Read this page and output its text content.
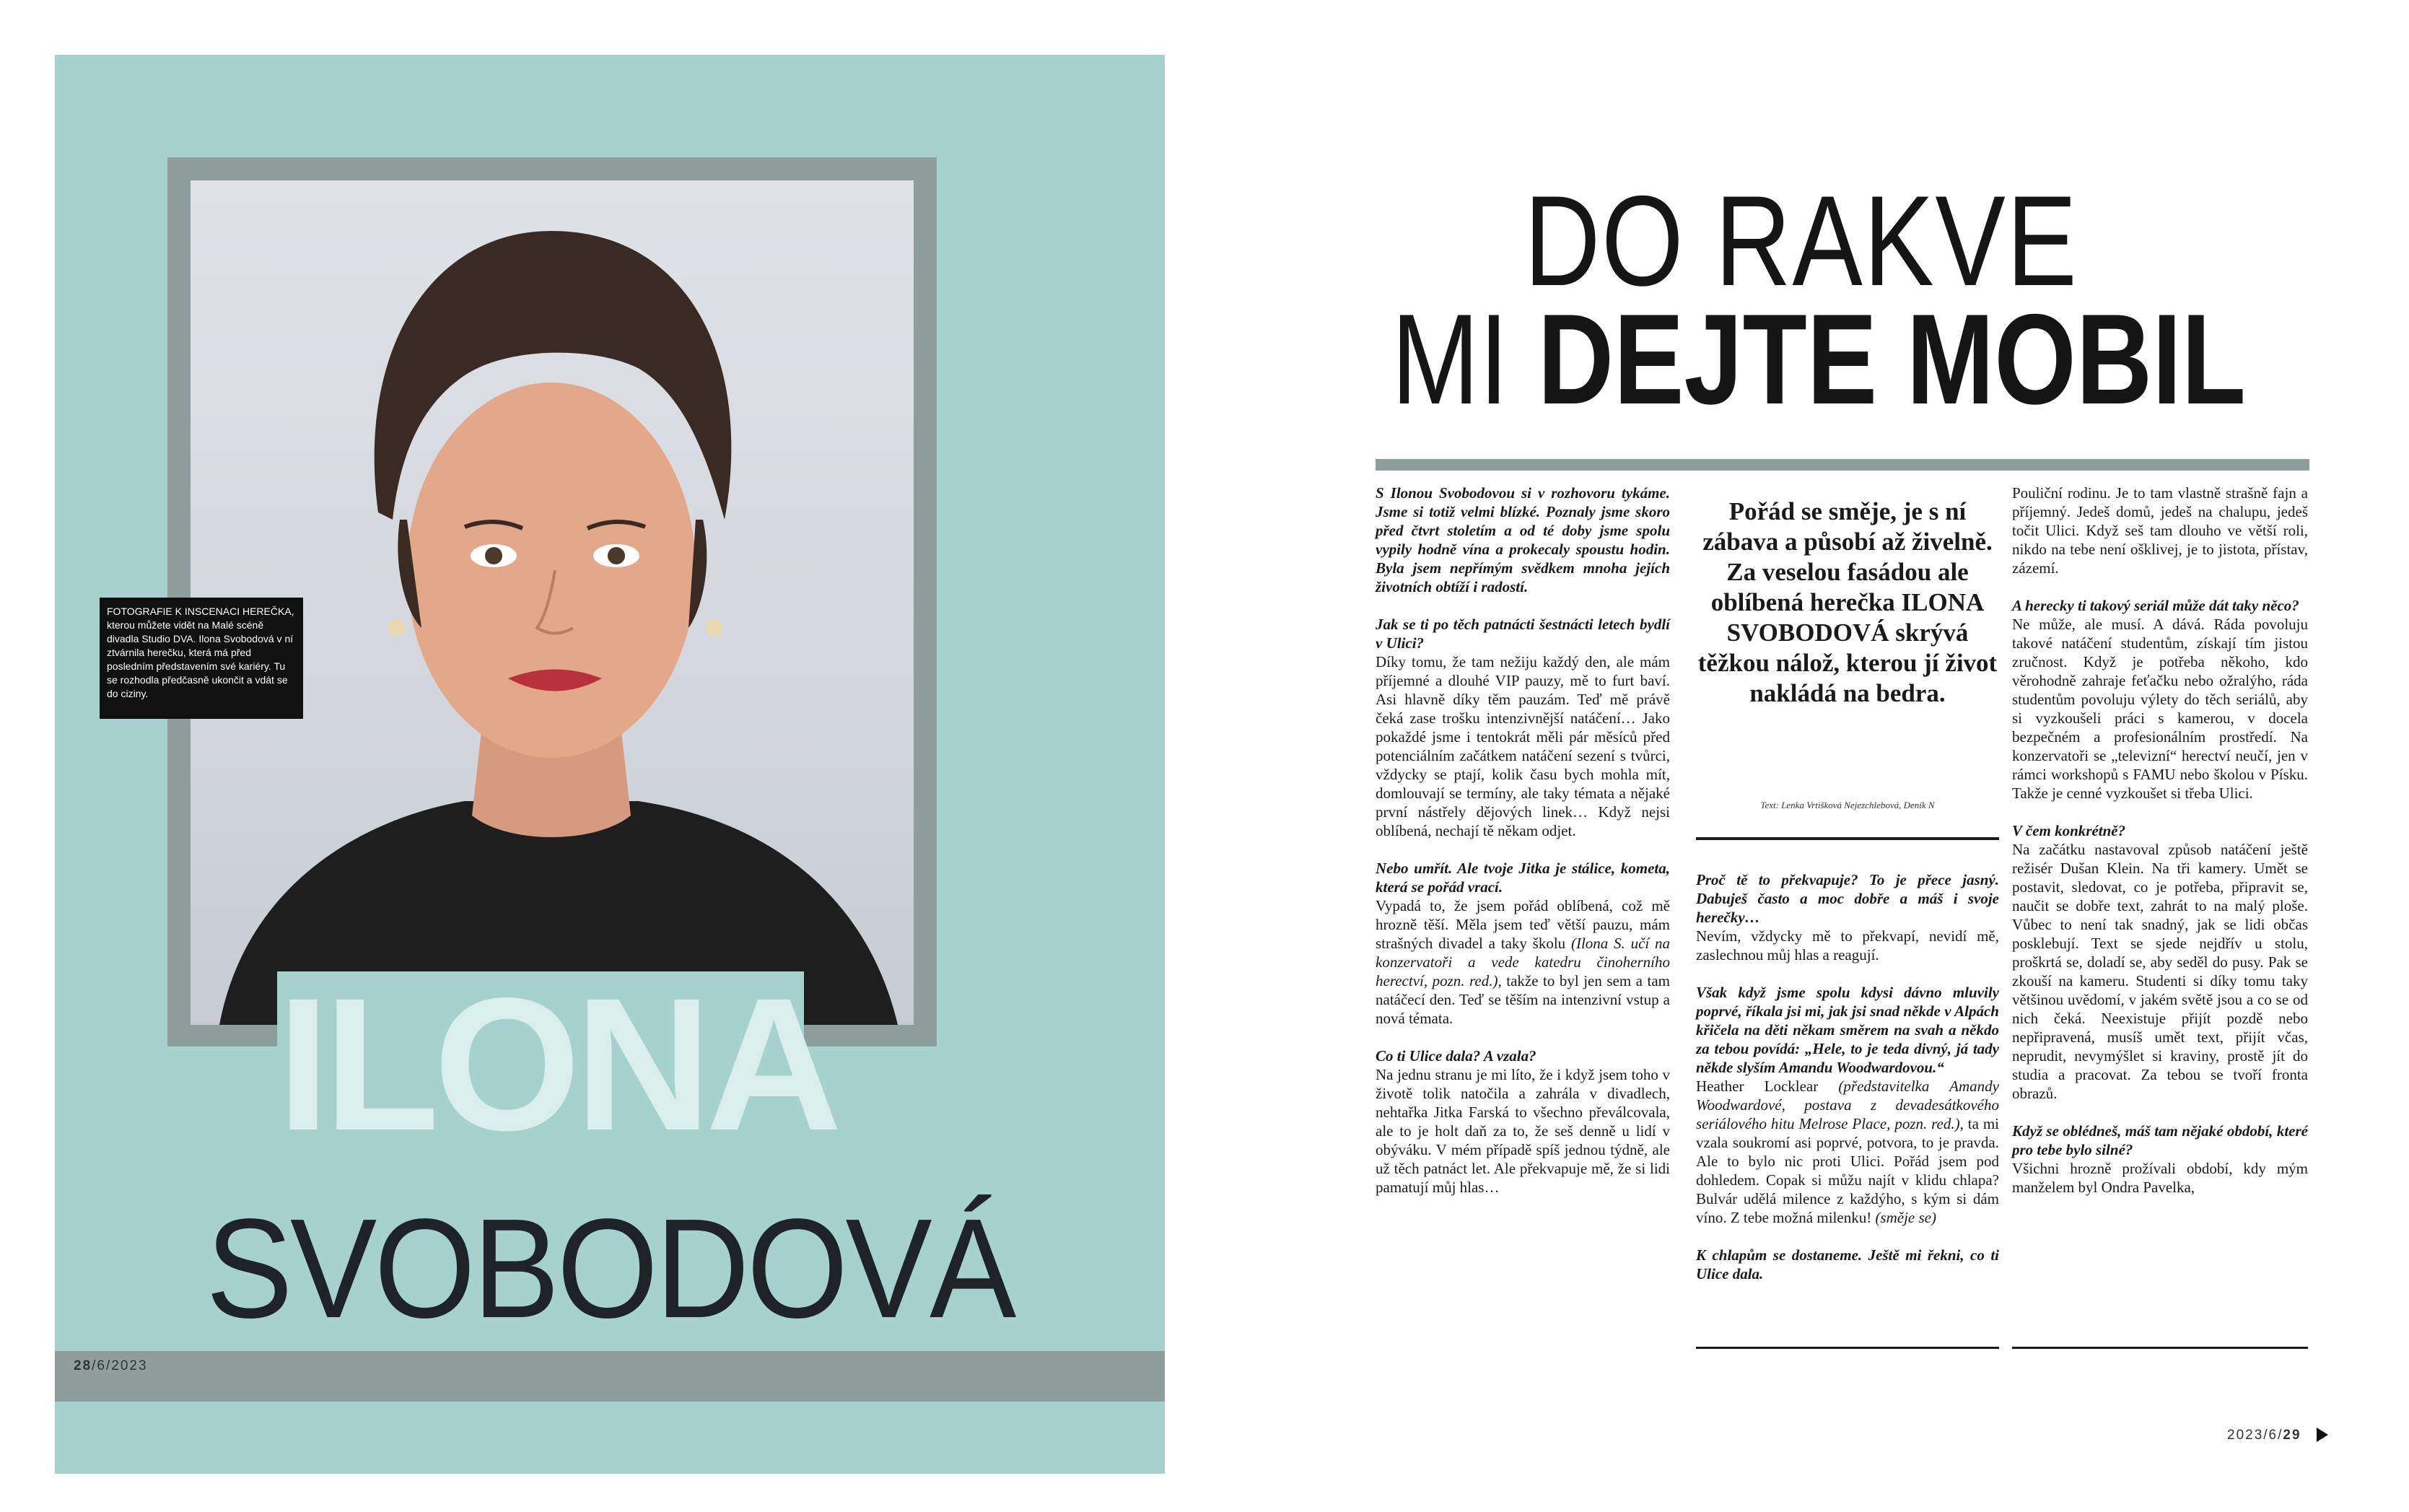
FOTOGRAFIE K INSCENACI HEREČKA, kterou můžete vidět na Malé scéně divadla Studio DVA. Ilona Svobodová v ní ztvárnila herečku, která má před posledním představením své kariéry. Tu se rozhodla předčasně ukončit a vdát se do ciziny.
ILONA
SVOBODOVÁ
28/6/2023
DO RAKVE
MI DEJTE MOBIL

S Ilonou Svobodovou si v rozhovoru tykáme. Jsme si totiž velmi blízké. Poznaly jsme skoro před čtvrt stoletím a od té doby jsme spolu vypily hodně vína a prokecaly spoustu hodin. Byla jsem nepřímým svědkem mnoha jejích životních obtíží i radostí.

Jak se ti po těch patnácti šestnácti letech bydlí v Ulici?
Díky tomu, že tam nežiju každý den, ale mám příjemné a dlouhé VIP pauzy, mě to furt baví. Asi hlavně díky těm pauzám. Teď mě právě čeká zase trošku intenzivnější natáčení… Jako pokaždé jsme i tentokrát měli pár měsíců před potenciálním začátkem natáčení sezení s tvůrci, vždycky se ptají, kolik času bych mohla mít, domlouvají se termíny, ale taky témata a nějaké první nástřely dějových linek… Když nejsi oblíbená, nechají tě někam odjet.

Nebo umřít. Ale tvoje Jitka je stálice, kometa, která se pořád vrací.
Vypadá to, že jsem pořád oblíbená, což mě hrozně těší. Měla jsem teď větší pauzu, mám strašných divadel a taky školu (Ilona S. učí na konzervatoři a vede katedru činoherního herectví, pozn. red.), takže to byl jen sem a tam natáčecí den. Teď se těším na intenzivní vstup a nová témata.

Co ti Ulice dala? A vzala?
Na jednu stranu je mi líto, že i když jsem toho v životě tolik natočila a zahrála v divadlech, nehtařka Jitka Farská to všechno převálcovala, ale to je holt daň za to, že seš denně u lidí v obýváku. V mém případě spíš jednou týdně, ale už těch patnáct let. Ale překvapuje mě, že si lidi pamatují můj hlas…

Pořád se směje, je s ní zábava a působí až živelně. Za veselou fasádou ale oblíbená herečka ILONA SVOBODOVÁ skrývá těžkou nálož, kterou jí život nakládá na bedra.
Text: Lenka Vrtišková Nejezchlebová, Deník N

Proč tě to překvapuje? To je přece jasný. Dabuješ často a moc dobře a máš i svoje herečky…
Nevím, vždycky mě to překvapí, nevidí mě, zaslechnou můj hlas a reagují.

Však když jsme spolu kdysi dávno mluvily poprvé, říkala jsi mi, jak jsi snad někde v Alpách křičela na děti někam směrem na svah a někdo za tebou povídá: „Hele, to je teda divný, já tady někde slyším Amandu Woodwardovou.“
Heather Locklear (představitelka Amandy Woodwardové, postava z devadesátkového seriálového hitu Melrose Place, pozn. red.), ta mi vzala soukromí asi poprvé, potvora, to je pravda. Ale to bylo nic proti Ulici. Pořád jsem pod dohledem. Copak si můžu najít v klidu chlapa? Bulvár udělá milence z každýho, s kým si dám víno. Z tebe možná milenku! (směje se)

K chlapům se dostaneme. Ještě mi řekni, co ti Ulice dala.

Pouliční rodinu. Je to tam vlastně strašně fajn a příjemný. Jedeš domů, jedeš na chalupu, jedeš točit Ulici. Když seš tam dlouho ve větší roli, nikdo na tebe není ošklivej, je to jistota, přístav, zázemí.

A herecky ti takový seriál může dát taky něco?
Ne může, ale musí. A dává. Ráda povoluju takové natáčení studentům, získají tím jistou zručnost. Když je potřeba někoho, kdo věrohodně zahraje feťačku nebo ožralýho, ráda studentům povoluju výlety do těch seriálů, aby si vyzkoušeli práci s kamerou, v docela bezpečném a profesionálním prostředí. Na konzervatoři se „televizní“ herectví neučí, jen v rámci workshopů s FAMU nebo školou v Písku. Takže je cenné vyzkoušet si třeba Ulici.

V čem konkrétně?
Na začátku nastavoval způsob natáčení ještě režisér Dušan Klein. Na tři kamery. Umět se postavit, sledovat, co je potřeba, připravit se, naučit se dobře text, zahrát to na malý ploše. Vůbec to není tak snadný, jak se lidi občas posklebují. Text se sjede nejdřív u stolu, proškrtá se, doladí se, aby seděl do pusy. Pak se zkouší na kameru. Studenti si díky tomu taky většinou uvědomí, v jakém světě jsou a co se od nich čeká. Neexistuje přijít pozdě nebo nepřipravená, musíš umět text, přijít včas, neprudit, nevymýšlet si kraviny, prostě jít do studia a pracovat. Za tebou se tvoří fronta obrazů.

Když se oblédneš, máš tam nějaké období, které pro tebe bylo silné?
Všichni hrozně prožívali období, kdy mým manželem byl Ondra Pavelka,

2023/6/29
